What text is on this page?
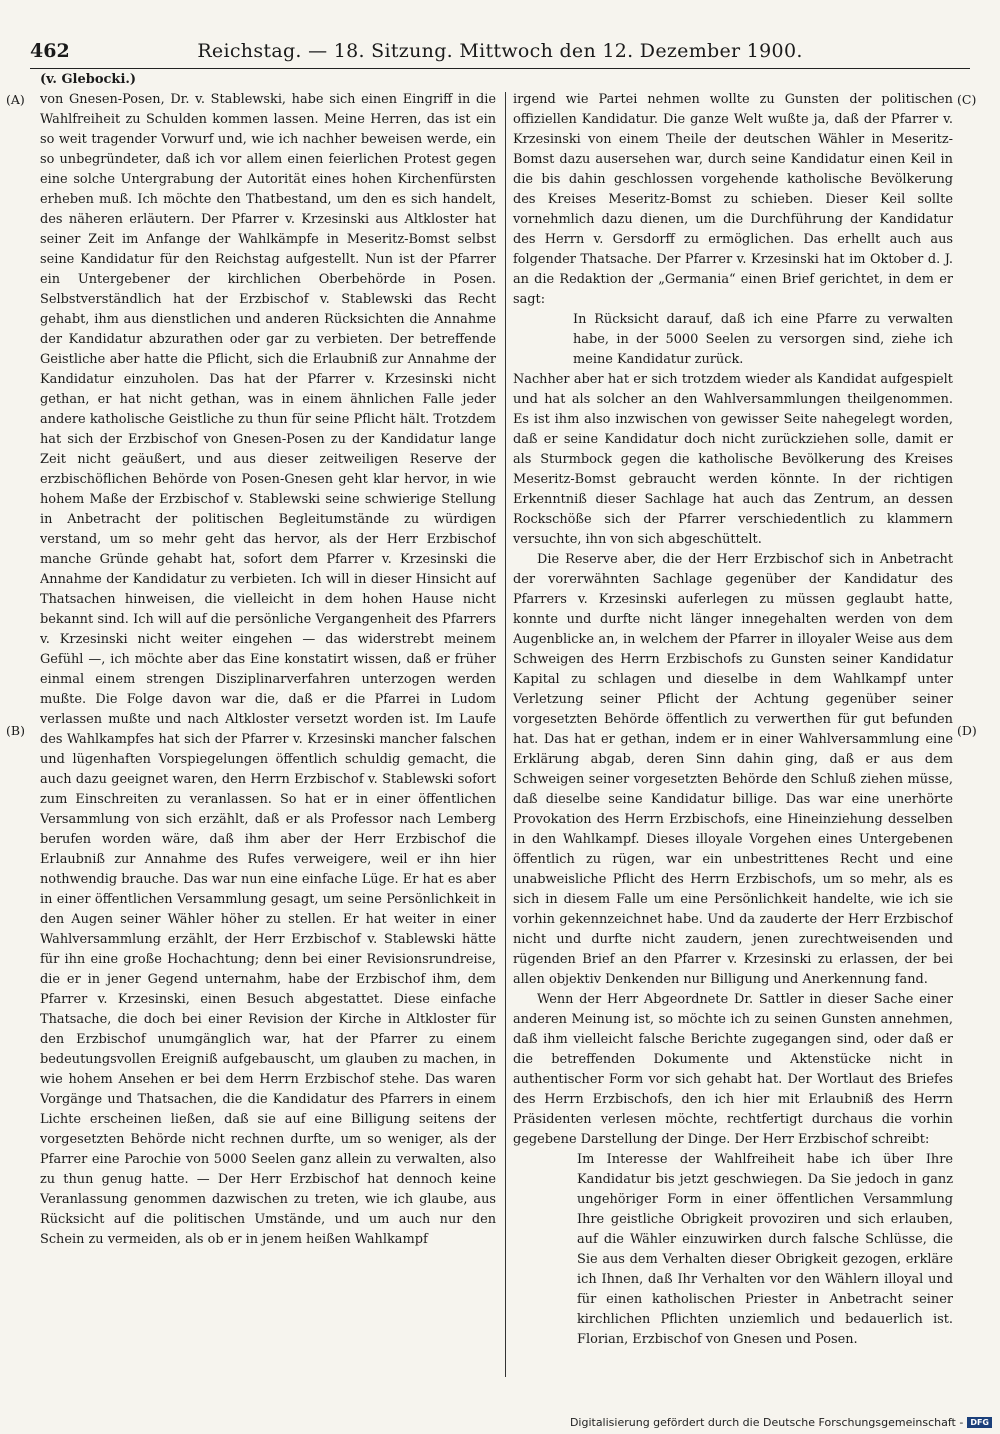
462	Reichstag. — 18. Sitzung. Mittwoch den 12. Dezember 1900.
(v. Glebocki.)
(A)
(B)
(C)
(D)

von Gnesen-Posen, Dr. v. Stablewski, habe sich einen Eingriff in die Wahlfreiheit zu Schulden kommen lassen. Meine Herren, das ist ein so weit tragender Vorwurf und, wie ich nachher beweisen werde, ein so unbegründeter, daß ich vor allem einen feierlichen Protest gegen eine solche Untergrabung der Autorität eines hohen Kirchenfürsten erheben muß. Ich möchte den Thatbestand, um den es sich handelt, des näheren erläutern. Der Pfarrer v. Krzesinski aus Altkloster hat seiner Zeit im Anfange der Wahlkämpfe in Meseritz-Bomst selbst seine Kandidatur für den Reichstag aufgestellt. Nun ist der Pfarrer ein Untergebener der kirchlichen Oberbehörde in Posen. Selbstverständlich hat der Erzbischof v. Stablewski das Recht gehabt, ihm aus dienstlichen und anderen Rücksichten die Annahme der Kandidatur abzurathen oder gar zu verbieten. Der betreffende Geistliche aber hatte die Pflicht, sich die Erlaubniß zur Annahme der Kandidatur einzuholen. Das hat der Pfarrer v. Krzesinski nicht gethan, er hat nicht gethan, was in einem ähnlichen Falle jeder andere katholische Geistliche zu thun für seine Pflicht hält. Trotzdem hat sich der Erzbischof von Gnesen-Posen zu der Kandidatur lange Zeit nicht geäußert, und aus dieser zeitweiligen Reserve der erzbischöflichen Behörde von Posen-Gnesen geht klar hervor, in wie hohem Maße der Erzbischof v. Stablewski seine schwierige Stellung in Anbetracht der politischen Begleitumstände zu würdigen verstand, um so mehr geht das hervor, als der Herr Erzbischof manche Gründe gehabt hat, sofort dem Pfarrer v. Krzesinski die Annahme der Kandidatur zu verbieten. Ich will in dieser Hinsicht auf Thatsachen hinweisen, die vielleicht in dem hohen Hause nicht bekannt sind. Ich will auf die persönliche Vergangenheit des Pfarrers v. Krzesinski nicht weiter eingehen — das widerstrebt meinem Gefühl —, ich möchte aber das Eine konstatirt wissen, daß er früher einmal einem strengen Disziplinarverfahren unterzogen werden mußte. Die Folge davon war die, daß er die Pfarrei in Ludom verlassen mußte und nach Altkloster versetzt worden ist. Im Laufe des Wahlkampfes hat sich der Pfarrer v. Krzesinski mancher falschen und lügenhaften Vorspiegelungen öffentlich schuldig gemacht, die auch dazu geeignet waren, den Herrn Erzbischof v. Stablewski sofort zum Einschreiten zu veranlassen. So hat er in einer öffentlichen Versammlung von sich erzählt, daß er als Professor nach Lemberg berufen worden wäre, daß ihm aber der Herr Erzbischof die Erlaubniß zur Annahme des Rufes verweigere, weil er ihn hier nothwendig brauche. Das war nun eine einfache Lüge. Er hat es aber in einer öffentlichen Versammlung gesagt, um seine Persönlichkeit in den Augen seiner Wähler höher zu stellen. Er hat weiter in einer Wahlversammlung erzählt, der Herr Erzbischof v. Stablewski hätte für ihn eine große Hochachtung; denn bei einer Revisionsrundreise, die er in jener Gegend unternahm, habe der Erzbischof ihm, dem Pfarrer v. Krzesinski, einen Besuch abgestattet. Diese einfache Thatsache, die doch bei einer Revision der Kirche in Altkloster für den Erzbischof unumgänglich war, hat der Pfarrer zu einem bedeutungsvollen Ereigniß aufgebauscht, um glauben zu machen, in wie hohem Ansehen er bei dem Herrn Erzbischof stehe. Das waren Vorgänge und Thatsachen, die die Kandidatur des Pfarrers in einem Lichte erscheinen ließen, daß sie auf eine Billigung seitens der vorgesetzten Behörde nicht rechnen durfte, um so weniger, als der Pfarrer eine Parochie von 5000 Seelen ganz allein zu verwalten, also zu thun genug hatte. — Der Herr Erzbischof hat dennoch keine Veranlassung genommen dazwischen zu treten, wie ich glaube, aus Rücksicht auf die politischen Umstände, und um auch nur den Schein zu vermeiden, als ob er in jenem heißen Wahlkampf

irgend wie Partei nehmen wollte zu Gunsten der politischen offiziellen Kandidatur. Die ganze Welt wußte ja, daß der Pfarrer v. Krzesinski von einem Theile der deutschen Wähler in Meseritz-Bomst dazu ausersehen war, durch seine Kandidatur einen Keil in die bis dahin geschlossen vorgehende katholische Bevölkerung des Kreises Meseritz-Bomst zu schieben. Dieser Keil sollte vornehmlich dazu dienen, um die Durchführung der Kandidatur des Herrn v. Gersdorff zu ermöglichen. Das erhellt auch aus folgender Thatsache. Der Pfarrer v. Krzesinski hat im Oktober d. J. an die Redaktion der „Germania“ einen Brief gerichtet, in dem er sagt:

In Rücksicht darauf, daß ich eine Pfarre zu verwalten habe, in der 5000 Seelen zu versorgen sind, ziehe ich meine Kandidatur zurück.

Nachher aber hat er sich trotzdem wieder als Kandidat aufgespielt und hat als solcher an den Wahlversammlungen theilgenommen. Es ist ihm also inzwischen von gewisser Seite nahegelegt worden, daß er seine Kandidatur doch nicht zurückziehen solle, damit er als Sturmbock gegen die katholische Bevölkerung des Kreises Meseritz-Bomst gebraucht werden könnte. In der richtigen Erkenntniß dieser Sachlage hat auch das Zentrum, an dessen Rockschöße sich der Pfarrer verschiedentlich zu klammern versuchte, ihn von sich abgeschüttelt.

Die Reserve aber, die der Herr Erzbischof sich in Anbetracht der vorerwähnten Sachlage gegenüber der Kandidatur des Pfarrers v. Krzesinski auferlegen zu müssen geglaubt hatte, konnte und durfte nicht länger innegehalten werden von dem Augenblicke an, in welchem der Pfarrer in illoyaler Weise aus dem Schweigen des Herrn Erzbischofs zu Gunsten seiner Kandidatur Kapital zu schlagen und dieselbe in dem Wahlkampf unter Verletzung seiner Pflicht der Achtung gegenüber seiner vorgesetzten Behörde öffentlich zu verwerthen für gut befunden hat. Das hat er gethan, indem er in einer Wahlversammlung eine Erklärung abgab, deren Sinn dahin ging, daß er aus dem Schweigen seiner vorgesetzten Behörde den Schluß ziehen müsse, daß dieselbe seine Kandidatur billige. Das war eine unerhörte Provokation des Herrn Erzbischofs, eine Hineinziehung desselben in den Wahlkampf. Dieses illoyale Vorgehen eines Untergebenen öffentlich zu rügen, war ein unbestrittenes Recht und eine unabweisliche Pflicht des Herrn Erzbischofs, um so mehr, als es sich in diesem Falle um eine Persönlichkeit handelte, wie ich sie vorhin gekennzeichnet habe. Und da zauderte der Herr Erzbischof nicht und durfte nicht zaudern, jenen zurechtweisenden und rügenden Brief an den Pfarrer v. Krzesinski zu erlassen, der bei allen objektiv Denkenden nur Billigung und Anerkennung fand.

Wenn der Herr Abgeordnete Dr. Sattler in dieser Sache einer anderen Meinung ist, so möchte ich zu seinen Gunsten annehmen, daß ihm vielleicht falsche Berichte zugegangen sind, oder daß er die betreffenden Dokumente und Aktenstücke nicht in authentischer Form vor sich gehabt hat. Der Wortlaut des Briefes des Herrn Erzbischofs, den ich hier mit Erlaubniß des Herrn Präsidenten verlesen möchte, rechtfertigt durchaus die vorhin gegebene Darstellung der Dinge. Der Herr Erzbischof schreibt:

Im Interesse der Wahlfreiheit habe ich über Ihre Kandidatur bis jetzt geschwiegen. Da Sie jedoch in ganz ungehöriger Form in einer öffentlichen Versammlung Ihre geistliche Obrigkeit provoziren und sich erlauben, auf die Wähler einzuwirken durch falsche Schlüsse, die Sie aus dem Verhalten dieser Obrigkeit gezogen, erkläre ich Ihnen, daß Ihr Verhalten vor den Wählern illoyal und für einen katholischen Priester in Anbetracht seiner kirchlichen Pflichten unziemlich und bedauerlich ist. Florian, Erzbischof von Gnesen und Posen.

Digitalisierung gefördert durch die Deutsche Forschungsgemeinschaft - DFG
